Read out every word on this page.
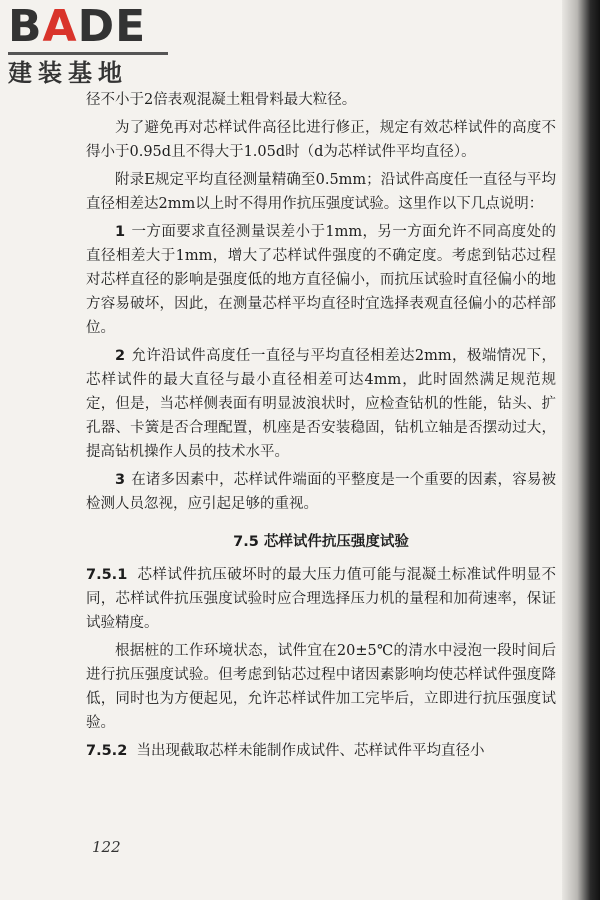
BADE
建装基地

径不小于2倍表观混凝土粗骨料最大粒径。

为了避免再对芯样试件高径比进行修正，规定有效芯样试件的高度不得小于0.95d且不得大于1.05d时（d为芯样试件平均直径）。

附录E规定平均直径测量精确至0.5mm；沿试件高度任一直径与平均直径相差达2mm以上时不得用作抗压强度试验。这里作以下几点说明：

1 一方面要求直径测量误差小于1mm，另一方面允许不同高度处的直径相差大于1mm，增大了芯样试件强度的不确定度。考虑到钻芯过程对芯样直径的影响是强度低的地方直径偏小，而抗压试验时直径偏小的地方容易破坏，因此，在测量芯样平均直径时宜选择表观直径偏小的芯样部位。

2 允许沿试件高度任一直径与平均直径相差达2mm，极端情况下，芯样试件的最大直径与最小直径相差可达4mm，此时固然满足规范规定，但是，当芯样侧表面有明显波浪状时，应检查钻机的性能，钻头、扩孔器、卡簧是否合理配置，机座是否安装稳固，钻机立轴是否摆动过大，提高钻机操作人员的技术水平。

3 在诸多因素中，芯样试件端面的平整度是一个重要的因素，容易被检测人员忽视，应引起足够的重视。

7.5 芯样试件抗压强度试验

7.5.1 芯样试件抗压破坏时的最大压力值可能与混凝土标准试件明显不同，芯样试件抗压强度试验时应合理选择压力机的量程和加荷速率，保证试验精度。

根据桩的工作环境状态，试件宜在20±5℃的清水中浸泡一段时间后进行抗压强度试验。但考虑到钻芯过程中诸因素影响均使芯样试件强度降低，同时也为方便起见，允许芯样试件加工完毕后，立即进行抗压强度试验。

7.5.2 当出现截取芯样未能制作成试件、芯样试件平均直径小

122
